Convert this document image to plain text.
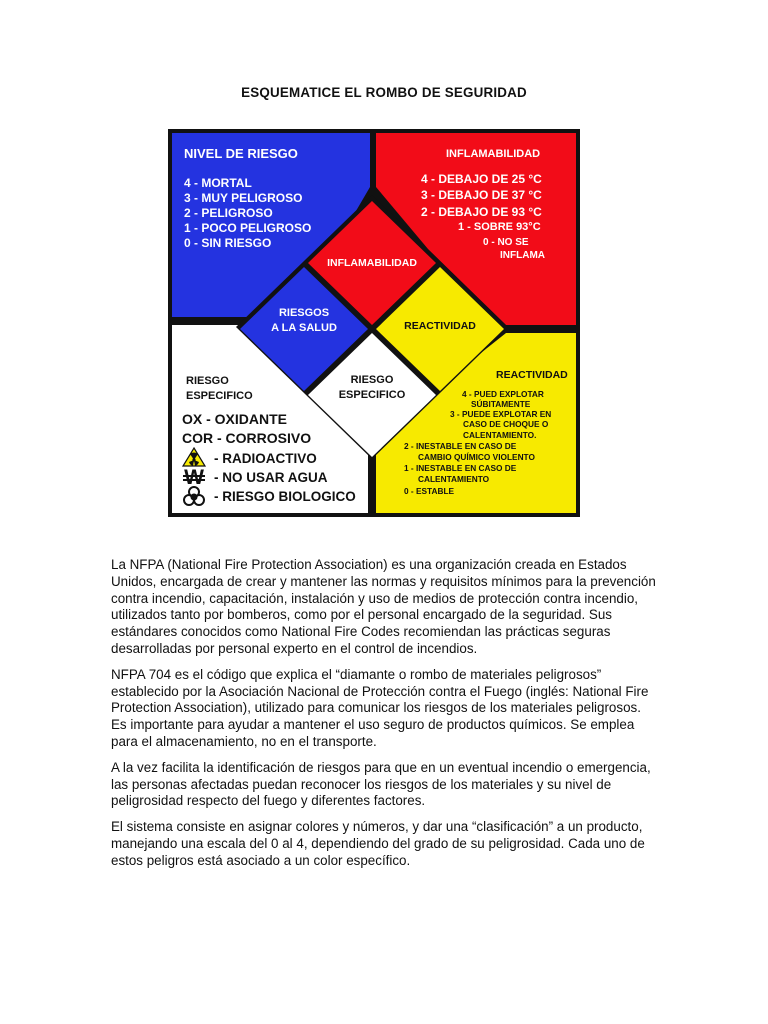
ESQUEMATICE EL ROMBO DE SEGURIDAD
NIVEL DE RIESGO
4 - MORTAL
3 - MUY PELIGROSO
2 - PELIGROSO
1 - POCO PELIGROSO
0 - SIN RIESGO
INFLAMABILIDAD
4 - DEBAJO DE 25 °C
3 - DEBAJO DE 37 °C
2 - DEBAJO DE 93 °C
1 - SOBRE 93°C
0 - NO SE
INFLAMA
REACTIVIDAD
4 - PUED EXPLOTAR
SÚBITAMENTE
3 - PUEDE EXPLOTAR EN
CASO DE CHOQUE O
CALENTAMIENTO.
2 - INESTABLE EN CASO DE
CAMBIO QUÍMICO VIOLENTO
1 - INESTABLE EN CASO DE
CALENTAMIENTO
0 - ESTABLE
RIESGO
ESPECIFICO
OX - OXIDANTE
COR - CORROSIVO
- RADIOACTIVO
W - NO USAR AGUA
- RIESGO BIOLOGICO
INFLAMABILIDAD
RIESGOS
A LA SALUD	REACTIVIDAD
RIESGO
ESPECIFICO

La NFPA (National Fire Protection Association) es una organización creada en Estados Unidos, encargada de crear y mantener las normas y requisitos mínimos para la prevención contra incendio, capacitación, instalación y uso de medios de protección contra incendio, utilizados tanto por bomberos, como por el personal encargado de la seguridad. Sus estándares conocidos como National Fire Codes recomiendan las prácticas seguras desarrolladas por personal experto en el control de incendios.

NFPA 704 es el código que explica el “diamante o rombo de materiales peligrosos” establecido por la Asociación Nacional de Protección contra el Fuego (inglés: National Fire Protection Association), utilizado para comunicar los riesgos de los materiales peligrosos. Es importante para ayudar a mantener el uso seguro de productos químicos. Se emplea para el almacenamiento, no en el transporte.

A la vez facilita la identificación de riesgos para que en un eventual incendio o emergencia, las personas afectadas puedan reconocer los riesgos de los materiales y su nivel de peligrosidad respecto del fuego y diferentes factores.

El sistema consiste en asignar colores y números, y dar una “clasificación” a un producto, manejando una escala del 0 al 4, dependiendo del grado de su peligrosidad. Cada uno de estos peligros está asociado a un color específico.
